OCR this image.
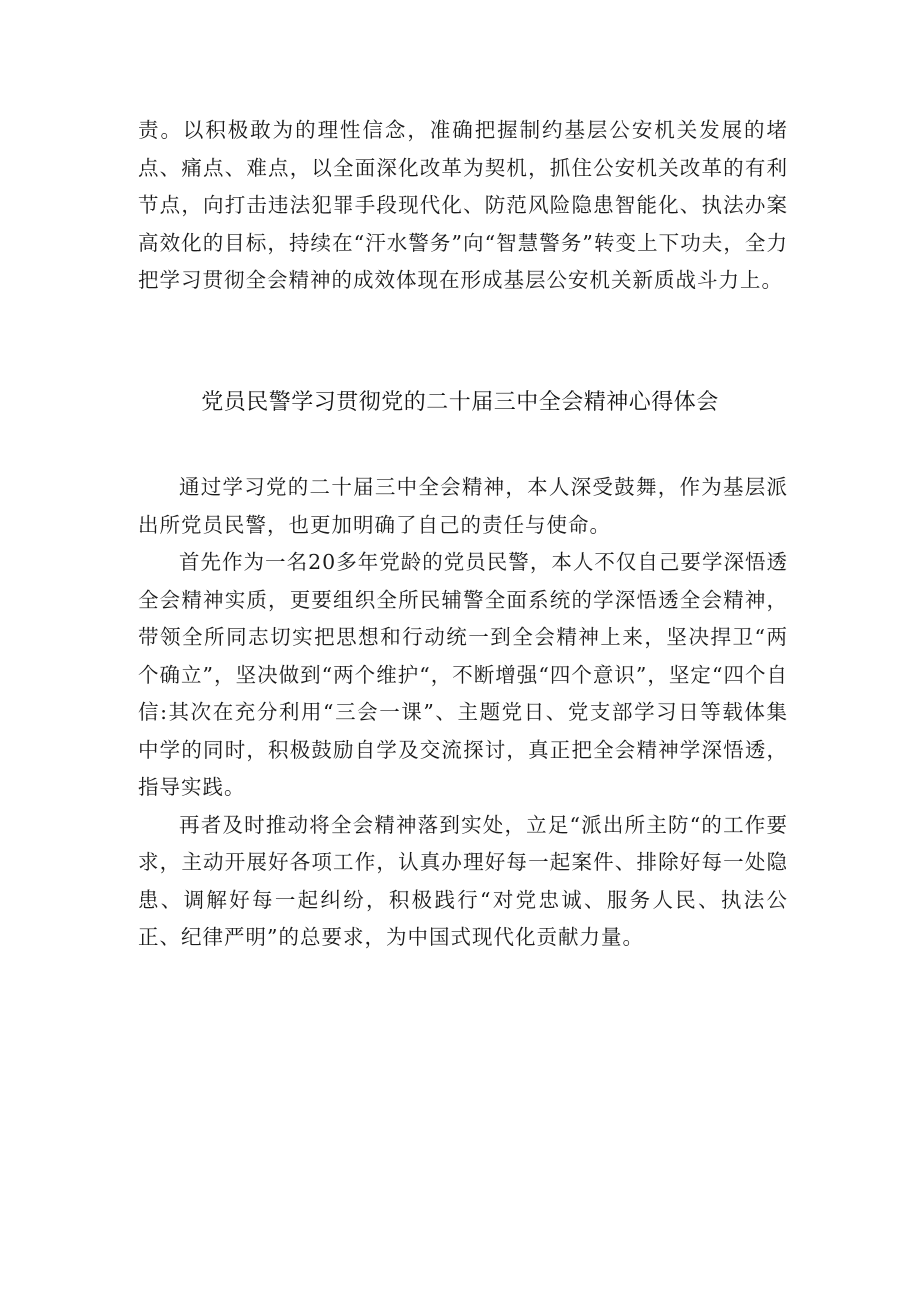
责。以积极敢为的理性信念，准确把握制约基层公安机关发展的堵点、痛点、难点，以全面深化改革为契机，抓住公安机关改革的有利节点，向打击违法犯罪手段现代化、防范风险隐患智能化、执法办案高效化的目标，持续在“汗水警务”向“智慧警务”转变上下功夫，全力把学习贯彻全会精神的成效体现在形成基层公安机关新质战斗力上。

党员民警学习贯彻党的二十届三中全会精神心得体会

通过学习党的二十届三中全会精神，本人深受鼓舞，作为基层派出所党员民警，也更加明确了自己的责任与使命。

首先作为一名20多年党龄的党员民警，本人不仅自己要学深悟透全会精神实质，更要组织全所民辅警全面系统的学深悟透全会精神，带领全所同志切实把思想和行动统一到全会精神上来，坚决捍卫“两个确立”，坚决做到“两个维护“，不断增强“四个意识”，坚定“四个自信:其次在充分利用“三会一课”、主题党日、党支部学习日等载体集中学的同时，积极鼓励自学及交流探讨，真正把全会精神学深悟透，指导实践。

再者及时推动将全会精神落到实处，立足“派出所主防“的工作要求，主动开展好各项工作，认真办理好每一起案件、排除好每一处隐患、调解好每一起纠纷，积极践行“对党忠诚、服务人民、执法公正、纪律严明”的总要求，为中国式现代化贡献力量。
